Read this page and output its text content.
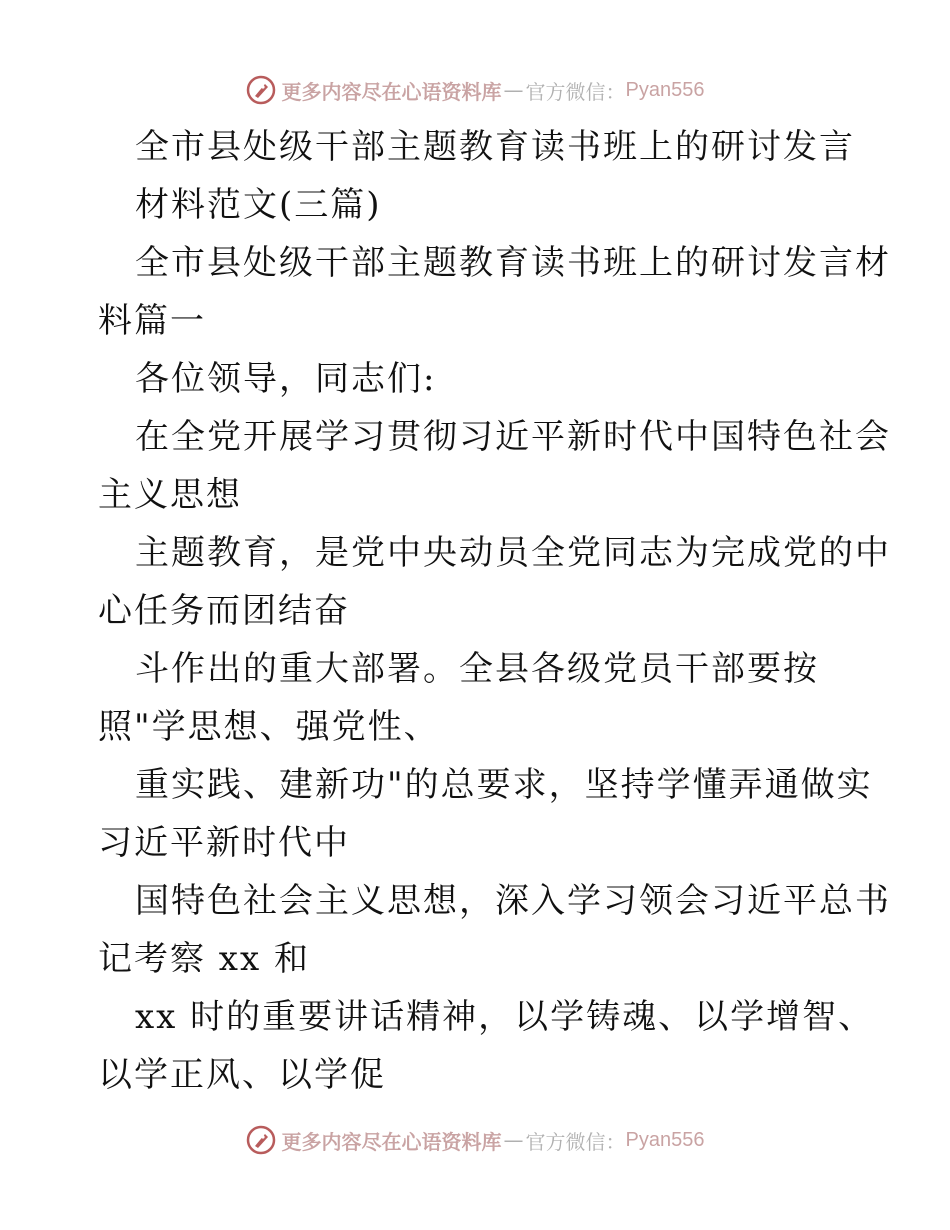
更多内容尽在心语资料库 — 官方微信： Pyan556
全市县处级干部主题教育读书班上的研讨发言
材料范文(三篇)
全市县处级干部主题教育读书班上的研讨发言材
料篇一
各位领导，同志们:
在全党开展学习贯彻习近平新时代中国特色社会
主义思想
主题教育，是党中央动员全党同志为完成党的中
心任务而团结奋
斗作出的重大部署。全县各级党员干部要按
照"学思想、强党性、
重实践、建新功"的总要求，坚持学懂弄通做实
习近平新时代中
国特色社会主义思想，深入学习领会习近平总书
记考察 xx 和
xx 时的重要讲话精神，以学铸魂、以学增智、
以学正风、以学促
更多内容尽在心语资料库 — 官方微信： Pyan556
